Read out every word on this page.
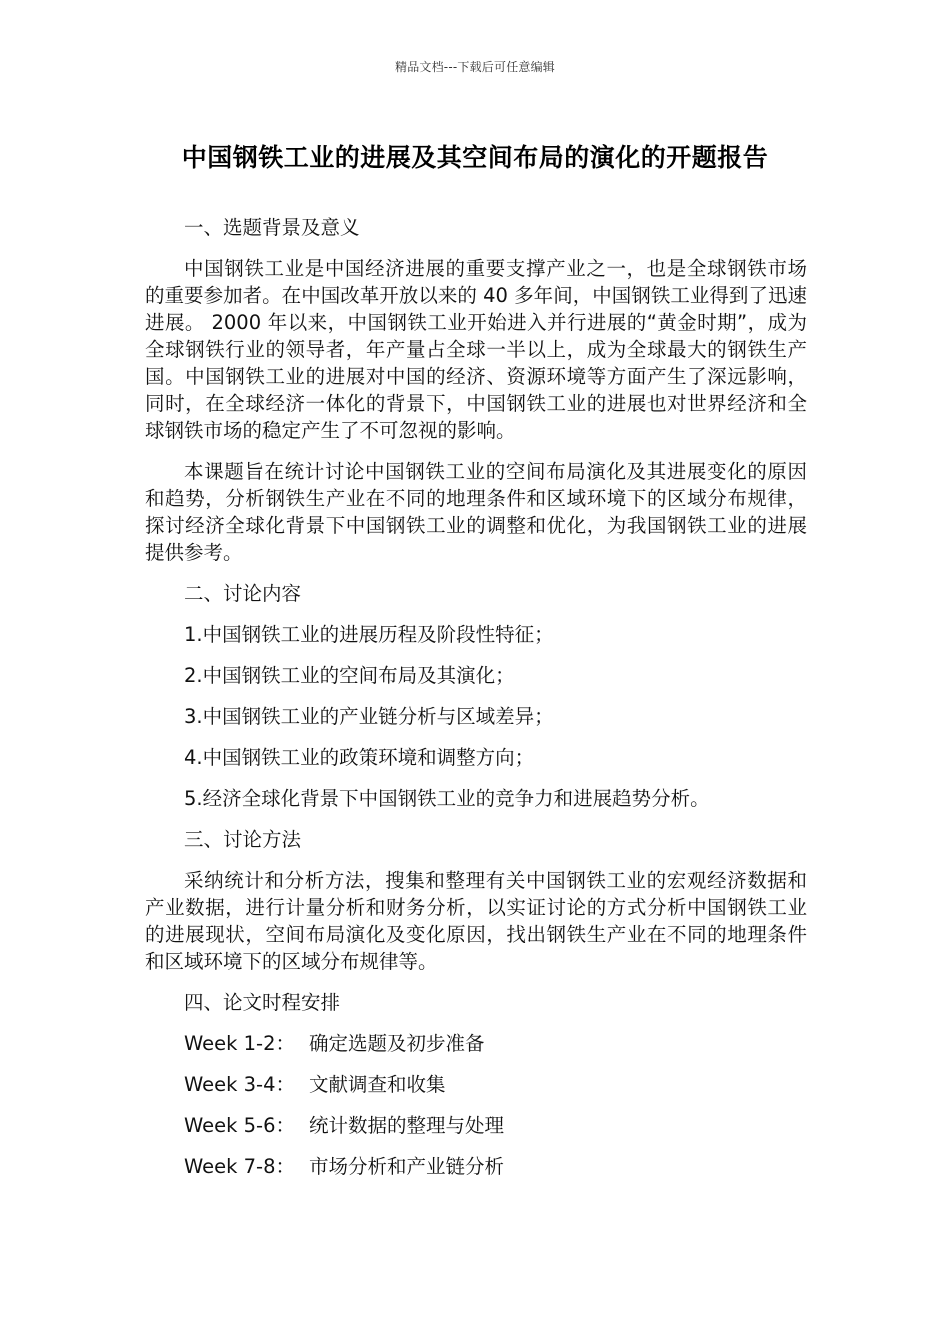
精品文档---下载后可任意编辑
中国钢铁工业的进展及其空间布局的演化的开题报告

一、选题背景及意义

中国钢铁工业是中国经济进展的重要支撑产业之一，也是全球钢铁市场的重要参加者。在中国改革开放以来的 40 多年间，中国钢铁工业得到了迅速进展。 2000 年以来，中国钢铁工业开始进入并行进展的“黄金时期”，成为全球钢铁行业的领导者，年产量占全球一半以上，成为全球最大的钢铁生产国。中国钢铁工业的进展对中国的经济、资源环境等方面产生了深远影响，同时，在全球经济一体化的背景下，中国钢铁工业的进展也对世界经济和全球钢铁市场的稳定产生了不可忽视的影响。

本课题旨在统计讨论中国钢铁工业的空间布局演化及其进展变化的原因和趋势，分析钢铁生产业在不同的地理条件和区域环境下的区域分布规律，探讨经济全球化背景下中国钢铁工业的调整和优化，为我国钢铁工业的进展提供参考。

二、讨论内容

1.中国钢铁工业的进展历程及阶段性特征；

2.中国钢铁工业的空间布局及其演化；

3.中国钢铁工业的产业链分析与区域差异；

4.中国钢铁工业的政策环境和调整方向；

5.经济全球化背景下中国钢铁工业的竞争力和进展趋势分析。

三、讨论方法

采纳统计和分析方法，搜集和整理有关中国钢铁工业的宏观经济数据和产业数据，进行计量分析和财务分析，以实证讨论的方式分析中国钢铁工业的进展现状，空间布局演化及变化原因，找出钢铁生产业在不同的地理条件和区域环境下的区域分布规律等。

四、论文时程安排

Week 1-2： 确定选题及初步准备
Week 3-4： 文献调查和收集
Week 5-6： 统计数据的整理与处理
Week 7-8： 市场分析和产业链分析
